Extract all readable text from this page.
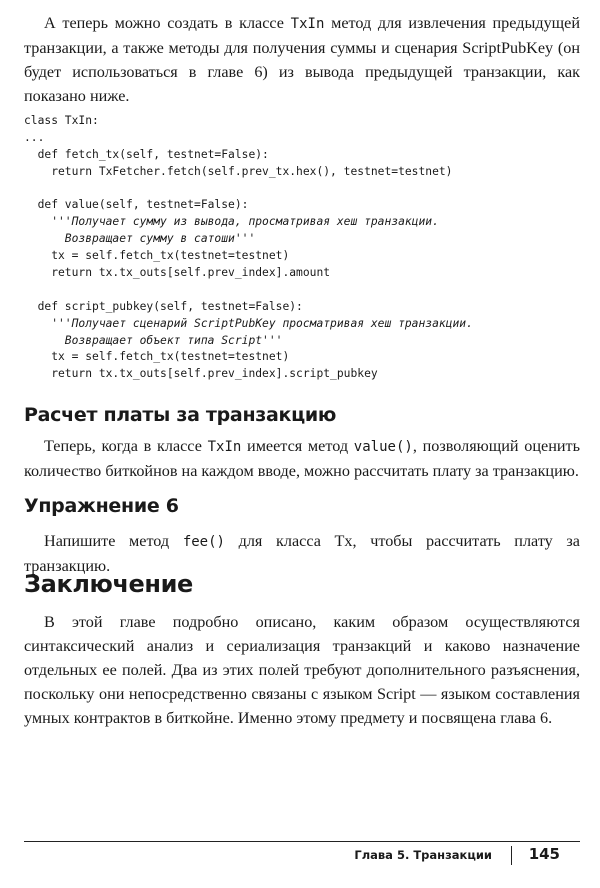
А теперь можно создать в классе TxIn метод для извлечения предыдущей транзакции, а также методы для получения суммы и сценария ScriptPubKey (он будет использоваться в главе 6) из вывода предыдущей транзакции, как показано ниже.

class TxIn:
...
def fetch_tx(self, testnet=False):
return TxFetcher.fetch(self.prev_tx.hex(), testnet=testnet)
def value(self, testnet=False):
'''Получает сумму из вывода, просматривая хеш транзакции.
Возвращает сумму в сатоши'''
tx = self.fetch_tx(testnet=testnet)
return tx.tx_outs[self.prev_index].amount
def script_pubkey(self, testnet=False):
'''Получает сценарий ScriptPubKey просматривая хеш транзакции.
Возвращает объект типа Script'''
tx = self.fetch_tx(testnet=testnet)
return tx.tx_outs[self.prev_index].script_pubkey
Расчет платы за транзакцию

Теперь, когда в классе TxIn имеется метод value(), позволяющий оценить количество биткойнов на каждом вводе, можно рассчитать плату за транзакцию.

Упражнение 6

Напишите метод fee() для класса Tx, чтобы рассчитать плату за транзакцию.

Заключение

В этой главе подробно описано, каким образом осуществляются синтаксический анализ и сериализация транзакций и каково назначение отдельных ее полей. Два из этих полей требуют дополнительного разъяснения, поскольку они непосредственно связаны с языком Script — языком составления умных контрактов в биткойне. Именно этому предмету и посвящена глава 6.

Глава 5. Транзакции 145
